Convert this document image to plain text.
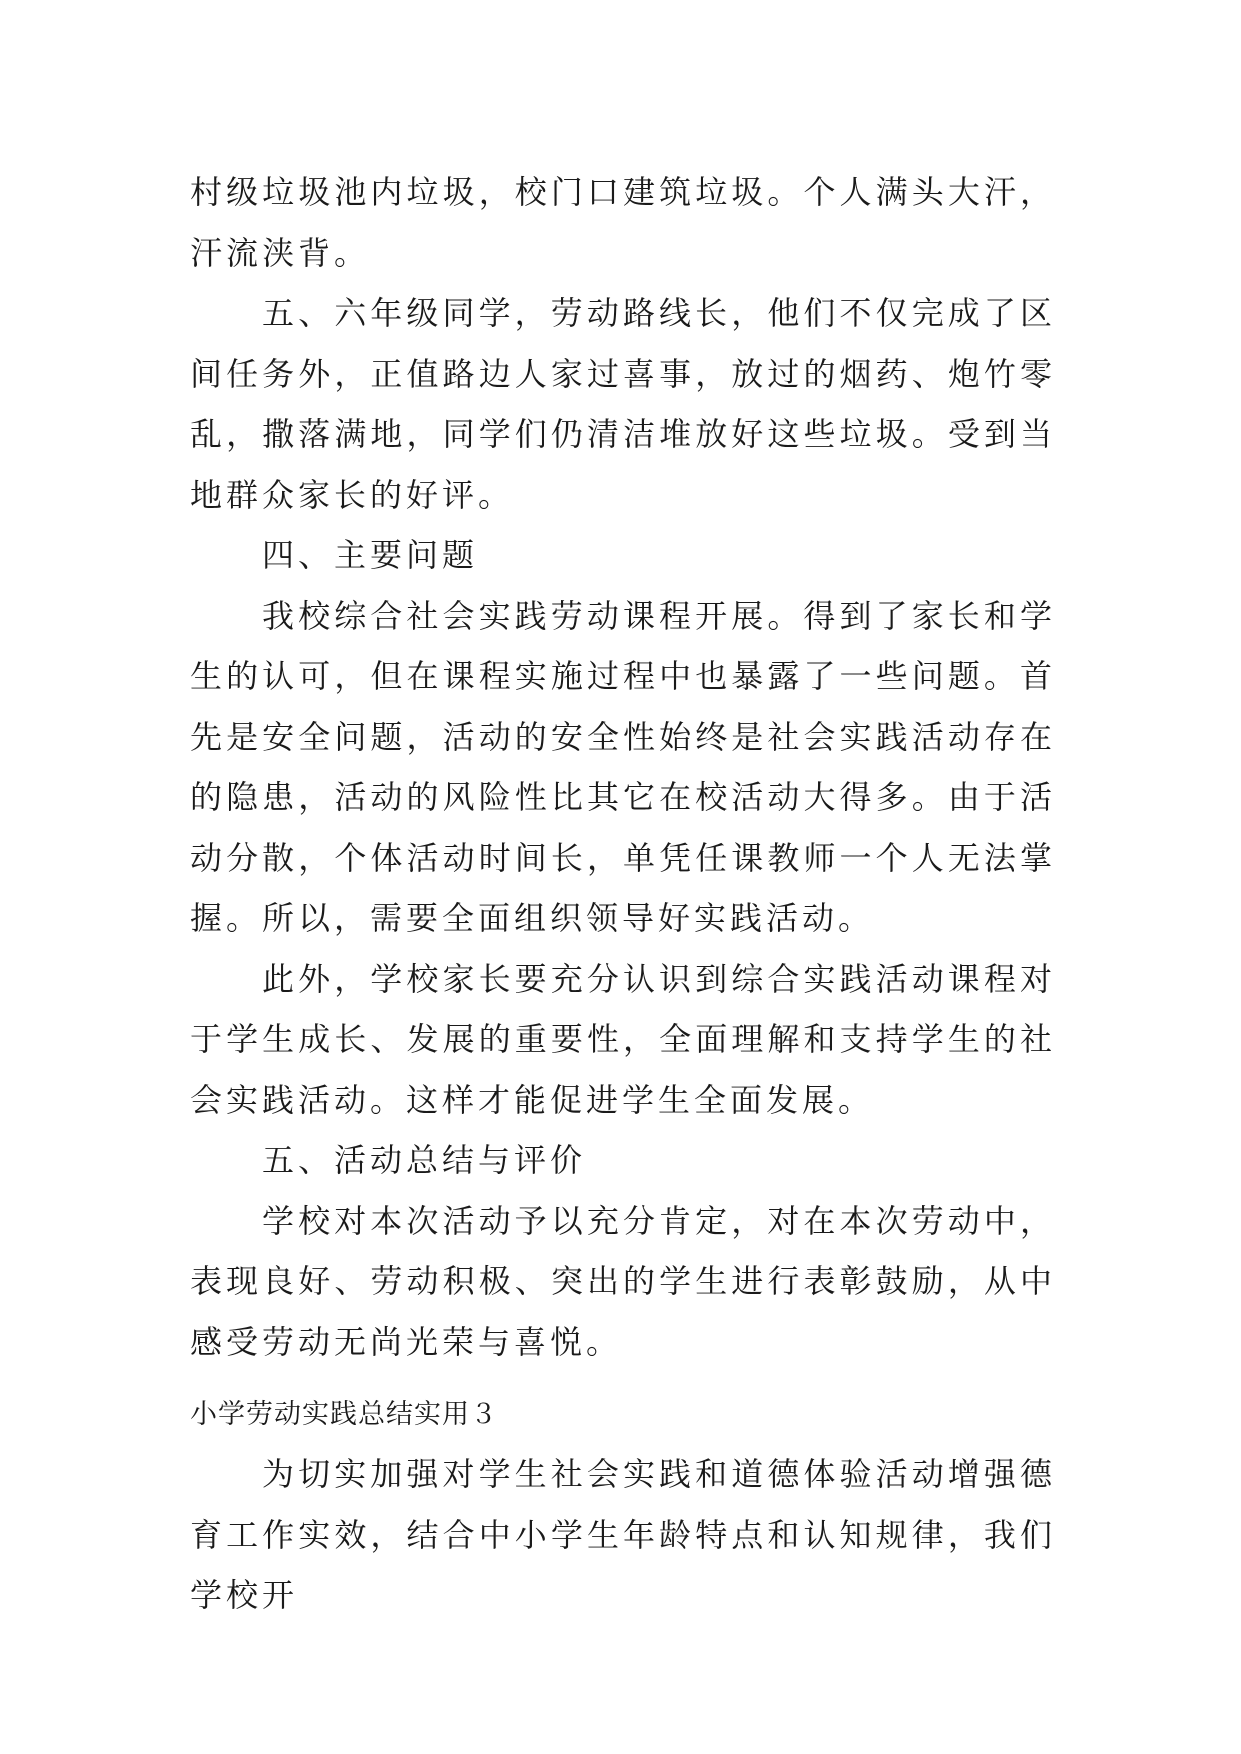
村级垃圾池内垃圾，校门口建筑垃圾。个人满头大汗，汗流浃背。

五、六年级同学，劳动路线长，他们不仅完成了区间任务外，正值路边人家过喜事，放过的烟药、炮竹零乱，撒落满地，同学们仍清洁堆放好这些垃圾。受到当地群众家长的好评。

四、主要问题

我校综合社会实践劳动课程开展。得到了家长和学生的认可，但在课程实施过程中也暴露了一些问题。首先是安全问题，活动的安全性始终是社会实践活动存在的隐患，活动的风险性比其它在校活动大得多。由于活动分散，个体活动时间长，单凭任课教师一个人无法掌握。所以，需要全面组织领导好实践活动。

此外，学校家长要充分认识到综合实践活动课程对于学生成长、发展的重要性，全面理解和支持学生的社会实践活动。这样才能促进学生全面发展。

五、活动总结与评价

学校对本次活动予以充分肯定，对在本次劳动中，表现良好、劳动积极、突出的学生进行表彰鼓励，从中感受劳动无尚光荣与喜悦。

小学劳动实践总结实用３

为切实加强对学生社会实践和道德体验活动增强德育工作实效，结合中小学生年龄特点和认知规律，我们学校开
